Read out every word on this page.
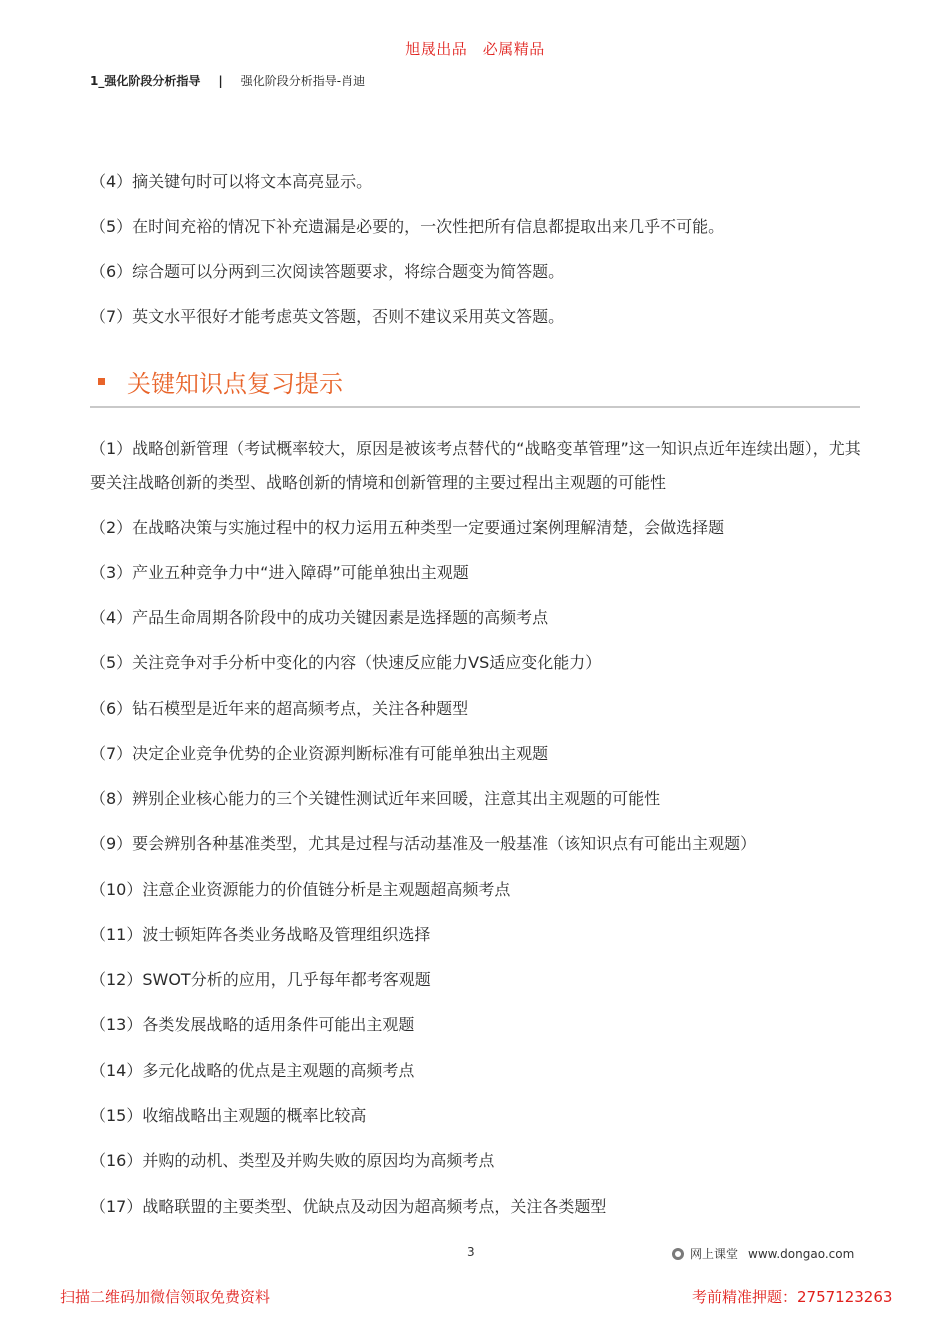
旭晟出品　必属精品
1_强化阶段分析指导 | 强化阶段分析指导-肖迪
（4）摘关键句时可以将文本高亮显示。
（5）在时间充裕的情况下补充遗漏是必要的，一次性把所有信息都提取出来几乎不可能。
（6）综合题可以分两到三次阅读答题要求，将综合题变为简答题。
（7）英文水平很好才能考虑英文答题，否则不建议采用英文答题。
关键知识点复习提示
（1）战略创新管理（考试概率较大，原因是被该考点替代的“战略变革管理”这一知识点近年连续出题），尤其要关注战略创新的类型、战略创新的情境和创新管理的主要过程出主观题的可能性
（2）在战略决策与实施过程中的权力运用五种类型一定要通过案例理解清楚，会做选择题
（3）产业五种竞争力中“进入障碍”可能单独出主观题
（4）产品生命周期各阶段中的成功关键因素是选择题的高频考点
（5）关注竞争对手分析中变化的内容（快速反应能力VS适应变化能力）
（6）钻石模型是近年来的超高频考点，关注各种题型
（7）决定企业竞争优势的企业资源判断标准有可能单独出主观题
（8）辨别企业核心能力的三个关键性测试近年来回暖，注意其出主观题的可能性
（9）要会辨别各种基准类型，尤其是过程与活动基准及一般基准（该知识点有可能出主观题）
（10）注意企业资源能力的价值链分析是主观题超高频考点
（11）波士顿矩阵各类业务战略及管理组织选择
（12）SWOT分析的应用，几乎每年都考客观题
（13）各类发展战略的适用条件可能出主观题
（14）多元化战略的优点是主观题的高频考点
（15）收缩战略出主观题的概率比较高
（16）并购的动机、类型及并购失败的原因均为高频考点
（17）战略联盟的主要类型、优缺点及动因为超高频考点，关注各类题型
3	网上课堂 www.dongao.com
扫描二维码加微信领取免费资料	考前精准押题：2757123263
